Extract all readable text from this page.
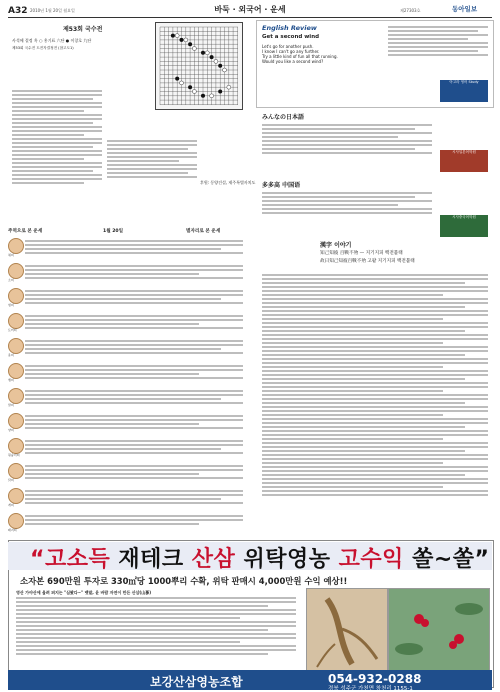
A32 2010년 1월 20일 월요일	바둑 · 외국어 · 운세	제27303호	동아일보
제53회 국수전
사석에 결정 흑 ○ 홍기표 六단 ● 이창호 九단
제53회 국수전 도전자결정전 (참고도1)
후원: 동양건설, 제주특별자치도
English Review
Get a second wind
Let's go for another push.
I know I can't go any further.
Try a little kind of fun all that running.
Would you like a second wind?
아고라 영어 Study
みんなの日本語
시사일본어학원
多多高 中国语
시사중국어학원
주역으로 본 운세	1월 20일	별자리로 본 운세
쥐띠
소띠
범띠
토끼띠
용띠
뱀띠
말띠
양띠
원숭이띠
닭띠
개띠
돼지띠
漢字 이야기
知己知彼 百戰不殆 — 지기지피 백전불태
故曰知己知彼百戰不殆 고왈 지기지피 백전불태
“고소득 재테크 산삼 위탁영농 고수익 쏠~쏠”
소자본 690만원 투자로 330㎡당 1000뿌리 수확, 위탁 판매시 4,000만원 수익 예상!!
영산 가야산에 올려 퍼지는 "심봤다~" 뱃말, 윤 바람 자연이 만든 산삼(山蔘)
보강산삼영농조합	054-932-0288
경북 성주군 가천면 창천리 1155-1
